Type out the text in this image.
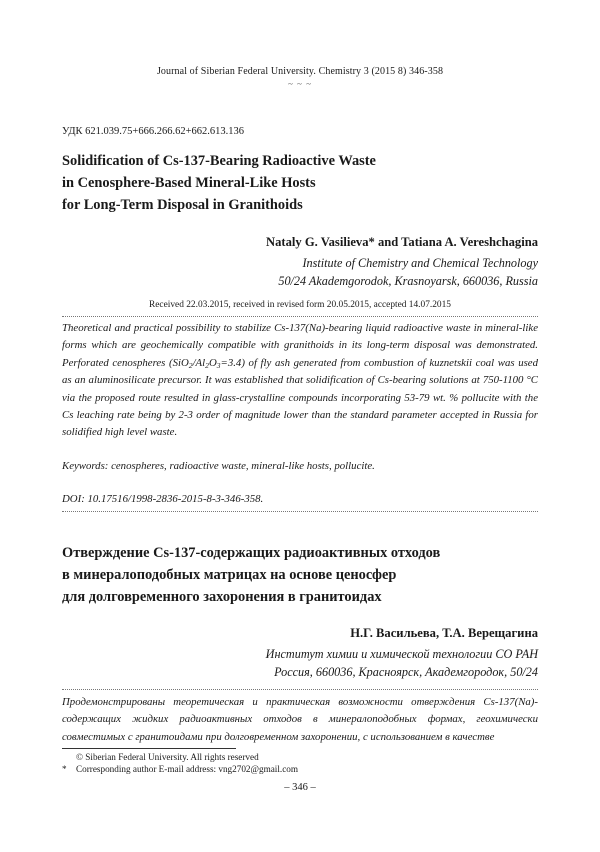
Journal of Siberian Federal University. Chemistry 3 (2015 8) 346-358
~ ~ ~
УДК 621.039.75+666.266.62+662.613.136
Solidification of Cs-137-Bearing Radioactive Waste
in Cenosphere-Based Mineral-Like Hosts
for Long-Term Disposal in Granithoids
Nataly G. Vasilieva* and Tatiana A. Vereshchagina
Institute of Chemistry and Chemical Technology
50/24 Akademgorodok, Krasnoyarsk, 660036, Russia
Received 22.03.2015, received in revised form 20.05.2015, accepted 14.07.2015
Theoretical and practical possibility to stabilize Cs-137(Na)-bearing liquid radioactive waste in mineral-like forms which are geochemically compatible with granithoids in its long-term disposal was demonstrated. Perforated cenospheres $(SiO_2/Al_2O_3=3.4)$ of fly ash generated from combustion of kuznetskii coal was used as an aluminosilicate precursor. It was established that solidification of Cs-bearing solutions at 750-1100 °C via the proposed route resulted in glass-crystalline compounds incorporating 53-79 wt. % pollucite with the Cs leaching rate being by 2-3 order of magnitude lower than the standard parameter accepted in Russia for solidified high level waste.
Keywords: cenospheres, radioactive waste, mineral-like hosts, pollucite.
DOI: 10.17516/1998-2836-2015-8-3-346-358.
Отверждение Cs-137-содержащих радиоактивных отходов
в минералоподобных матрицах на основе ценосфер
для долговременного захоронения в гранитоидах
Н.Г. Васильева, Т.А. Верещагина
Институт химии и химической технологии СО РАН
Россия, 660036, Красноярск, Академгородок, 50/24
Продемонстрированы теоретическая и практическая возможности отверждения Cs-137(Na)-содержащих жидких радиоактивных отходов в минералоподобных формах, геохимически совместимых с гранитоидами при долговременном захоронении, с использованием в качестве
© Siberian Federal University. All rights reserved
*	Corresponding author E-mail address: vng2702@gmail.com
– 346 –
